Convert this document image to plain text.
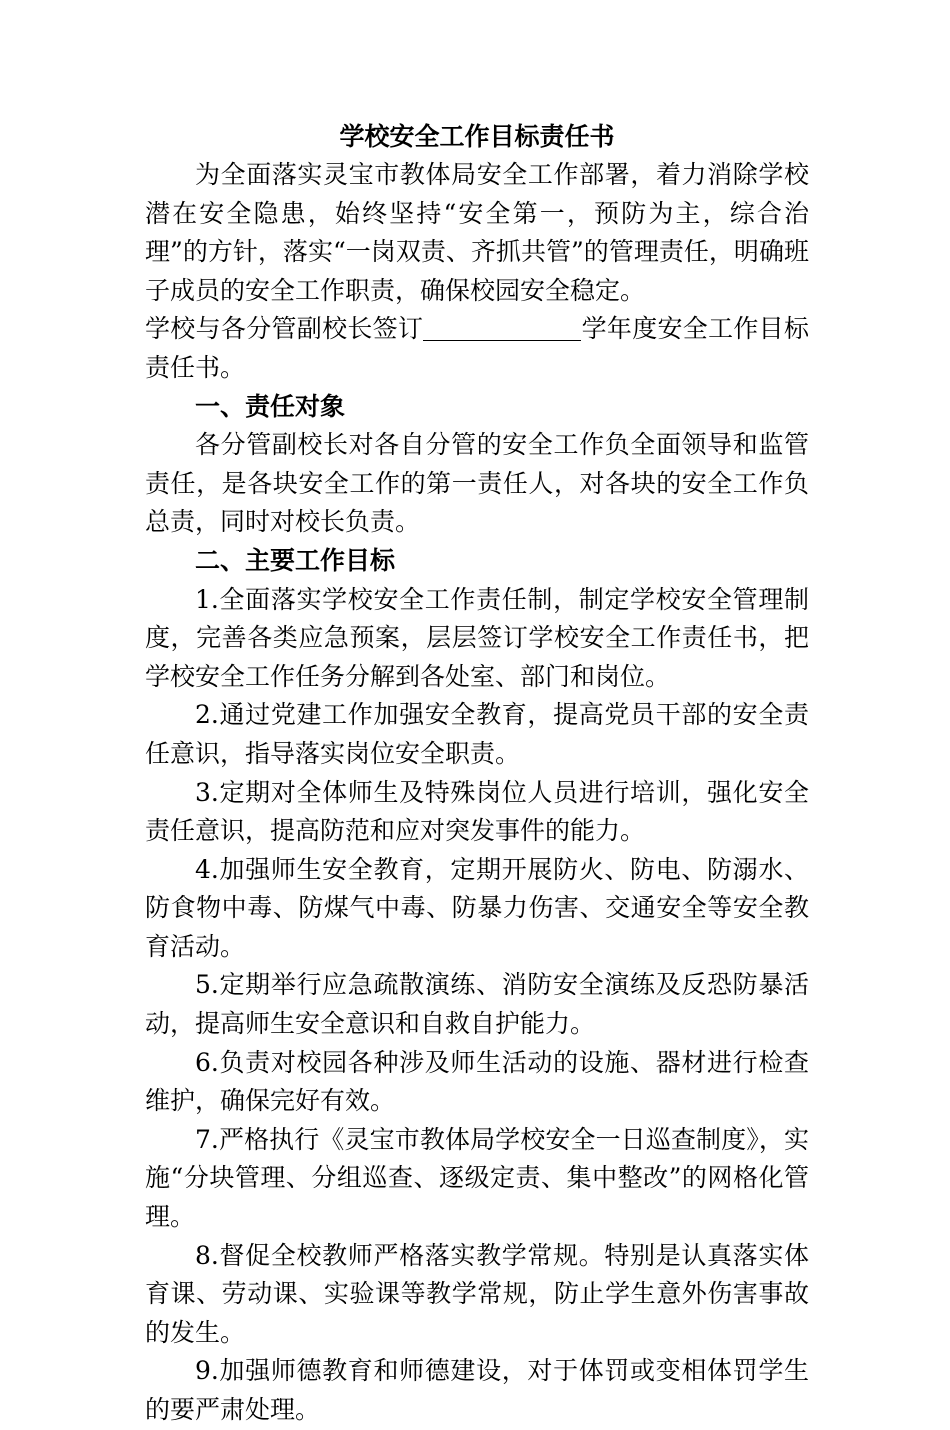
学校安全工作目标责任书

为全面落实灵宝市教体局安全工作部署，着力消除学校潜在安全隐患，始终坚持“安全第一，预防为主，综合治理”的方针，落实“一岗双责、齐抓共管”的管理责任，明确班子成员的安全工作职责，确保校园安全稳定。

学校与各分管副校长签订	学年度安全工作目标责任书。

一、责任对象

各分管副校长对各自分管的安全工作负全面领导和监管责任，是各块安全工作的第一责任人，对各块的安全工作负总责，同时对校长负责。

二、主要工作目标

1.全面落实学校安全工作责任制，制定学校安全管理制度，完善各类应急预案，层层签订学校安全工作责任书，把学校安全工作任务分解到各处室、部门和岗位。

2.通过党建工作加强安全教育，提高党员干部的安全责任意识，指导落实岗位安全职责。

3.定期对全体师生及特殊岗位人员进行培训，强化安全责任意识，提高防范和应对突发事件的能力。

4.加强师生安全教育，定期开展防火、防电、防溺水、防食物中毒、防煤气中毒、防暴力伤害、交通安全等安全教育活动。

5.定期举行应急疏散演练、消防安全演练及反恐防暴活动，提高师生安全意识和自救自护能力。

6.负责对校园各种涉及师生活动的设施、器材进行检查维护，确保完好有效。

7.严格执行《灵宝市教体局学校安全一日巡查制度》，实施“分块管理、分组巡查、逐级定责、集中整改”的网格化管理。

8.督促全校教师严格落实教学常规。特别是认真落实体育课、劳动课、实验课等教学常规，防止学生意外伤害事故的发生。

9.加强师德教育和师德建设，对于体罚或变相体罚学生的要严肃处理。
